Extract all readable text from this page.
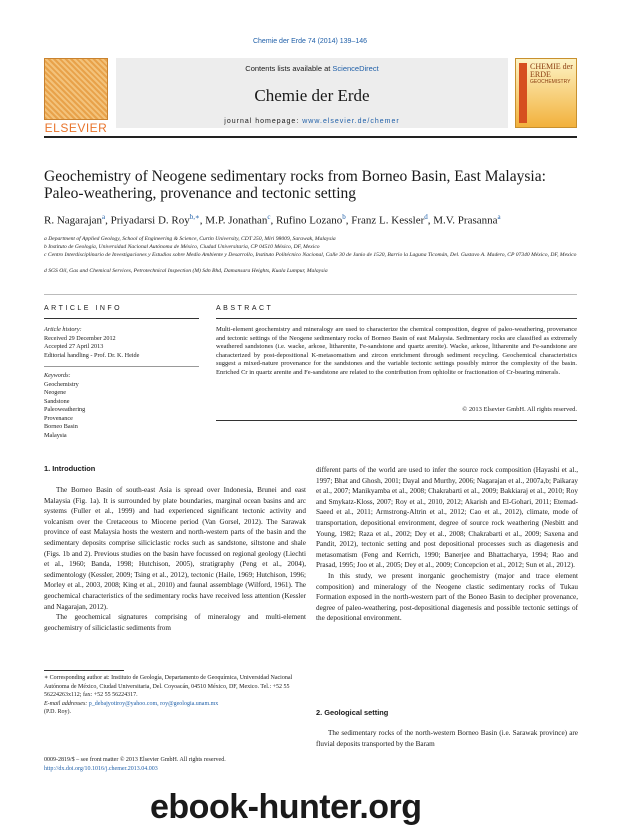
Chemie der Erde 74 (2014) 139–146
ELSEVIER
Contents lists available at ScienceDirect
Chemie der Erde
journal homepage: www.elsevier.de/chemer
CHEMIE der ERDE
GEOCHEMISTRY
Geochemistry of Neogene sedimentary rocks from Borneo Basin, East Malaysia: Paleo-weathering, provenance and tectonic setting
R. Nagarajan$^a$, Priyadarsi D. Roy$^{b,∗}$, M.P. Jonathan$^c$, Rufino Lozano$^b$, Franz L. Kessler$^d$, M.V. Prasanna$^a$
a Department of Applied Geology, School of Engineering & Science, Curtin University, CDT 250, Miri 98009, Sarawak, Malaysia
b Instituto de Geología, Universidad Nacional Autónoma de México, Ciudad Universitaria, CP 04510 México, DF, Mexico
c Centro Interdisciplinario de Investigaciones y Estudios sobre Medio Ambiente y Desarrollo, Instituto Politécnico Nacional, Calle 30 de Junio de 1520, Barrio la Laguna Ticomán, Del. Gustavo A. Madero, CP 07340 México, DF, Mexico
d SGS Oil, Gas and Chemical Services, Petrotechnical Inspection (M) Sdn Bhd, Damansara Heights, Kuala Lumpur, Malaysia
ARTICLE INFO	ABSTRACT
Article history:
Received 29 December 2012
Accepted 27 April 2013
Editorial handling - Prof. Dr. K. Heide
Keywords:
Geochemistry
Neogene
Sandstone
Paleoweathering
Provenance
Borneo Basin
Malaysia
Multi-element geochemistry and mineralogy are used to characterize the chemical composition, degree of paleo-weathering, provenance and tectonic settings of the Neogene sedimentary rocks of Borneo Basin of east Malaysia. Sedimentary rocks are classified as extremely weathered sandstones (i.e. wacke, arkose, litharenite, Fe-sandstone and quartz arenite). Wacke, arkose, litharenite and Fe-sandstone are characterized by post-depositional K-metasomatism and zircon enrichment through sediment recycling. Geochemical characteristics suggest a mixed-nature provenance for the sandstones and the variable tectonic settings possibly mirror the complexity of the basin. Enriched Cr in quartz arenite and Fe-sandstone are related to the contribution from ophiolite or fractionation of Cr-bearing minerals.
© 2013 Elsevier GmbH. All rights reserved.
1. Introduction

The Borneo Basin of south-east Asia is spread over Indonesia, Brunei and east Malaysia (Fig. 1a). It is surrounded by plate boundaries, marginal ocean basins and arc systems (Fuller et al., 1999) and had experienced significant tectonic activity and volcanism over the Cretaceous to Miocene period (Van Gorsel, 2012). The Sarawak province of east Malaysia hosts the western and north-western parts of the basin and the sedimentary deposits comprise siliciclastic rocks such as sandstone, siltstone and shale (Figs. 1b and 2). Previous studies on the basin have focussed on regional geology (Liechti et al., 1960; Banda, 1998; Hutchison, 2005), stratigraphy (Peng et al., 2004), sedimentology (Kessler, 2009; Tsing et al., 2012), tectonic (Haile, 1969; Hutchison, 1996; Morley et al., 2003, 2008; King et al., 2010) and faunal assemblage (Wilford, 1961). The geochemical characteristics of the sedimentary rocks have received less attention (Kessler and Nagarajan, 2012).

The geochemical signatures comprising of mineralogy and multi-element geochemistry of siliciclastic sediments from

different parts of the world are used to infer the source rock composition (Hayashi et al., 1997; Bhat and Ghosh, 2001; Dayal and Murthy, 2006; Nagarajan et al., 2007a,b; Paikaray et al., 2007; Manikyamba et al., 2008; Chakrabarti et al., 2009; Bakkiaraj et al., 2010; Roy and Smykatz-Kloss, 2007; Roy et al., 2010, 2012; Akarish and El-Gohari, 2011; Etemad-Saeed et al., 2011; Armstrong-Altrin et al., 2012; Cao et al., 2012), climate, mode of transportation, depositional environment, degree of source rock weathering (Nesbitt and Young, 1982; Raza et al., 2002; Dey et al., 2008; Chakrabarti et al., 2009; Saxena and Pandit, 2012), tectonic setting and post depositional processes such as diagenesis and metasomatism (Feng and Kerrich, 1990; Banerjee and Bhattacharya, 1994; Rao and Prasad, 1995; Joo et al., 2005; Dey et al., 2009; Concepcion et al., 2012; Sun et al., 2012).

In this study, we present inorganic geochemistry (major and trace element composition) and mineralogy of the Neogene clastic sedimentary rocks of Tukau Formation exposed in the north-western part of the Boneo Basin to decipher provenance, degree of paleo-weathering, post-depositional diagenesis and possible tectonic settings of the depositional environment.

2. Geological setting

The sedimentary rocks of the north-western Borneo Basin (i.e. Sarawak province) are fluvial deposits transported by the Baram

∗ Corresponding author at: Instituto de Geología, Departamento de Geoquímica, Universidad Nacional Autónoma de México, Ciudad Universitaria, Del. Coyoacán, 04510 México, DF, Mexico. Tel.: +52 55 56224263x112; fax: +52 55 56224317.
E-mail addresses: p_debajyotiroy@yahoo.com, roy@geologia.unam.mx
(P.D. Roy).
0009-2819/$ – see front matter © 2013 Elsevier GmbH. All rights reserved.
http://dx.doi.org/10.1016/j.chemer.2013.04.003
ebook-hunter.org
